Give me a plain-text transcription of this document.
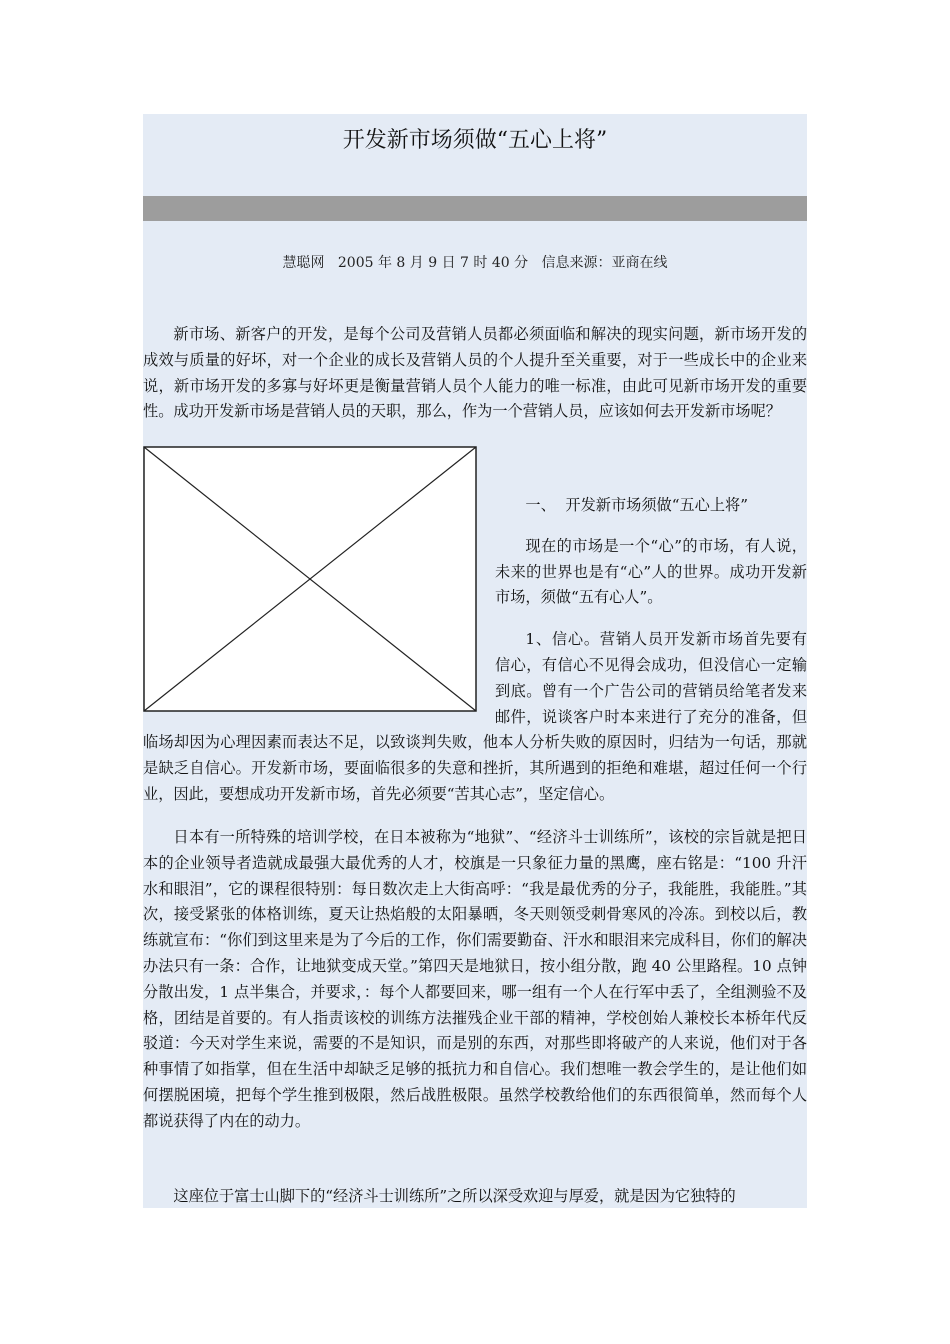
开发新市场须做“五心上将”
慧聪网   2005 年 8 月 9 日 7 时 40 分   信息来源：亚商在线

新市场、新客户的开发，是每个公司及营销人员都必须面临和解决的现实问题，新市场开发的成效与质量的好坏，对一个企业的成长及营销人员的个人提升至关重要，对于一些成长中的企业来说，新市场开发的多寡与好坏更是衡量营销人员个人能力的唯一标准，由此可见新市场开发的重要性。成功开发新市场是营销人员的天职，那么，作为一个营销人员，应该如何去开发新市场呢？

一、  开发新市场须做“五心上将”

现在的市场是一个“心”的市场，有人说，未来的世界也是有“心”人的世界。成功开发新市场，须做“五有心人”。

1、信心。营销人员开发新市场首先要有信心，有信心不见得会成功，但没信心一定输到底。曾有一个广告公司的营销员给笔者发来邮件，说谈客户时本来进行了充分的准备，但临场却因为心理因素而表达不足，以致谈判失败，他本人分析失败的原因时，归结为一句话，那就是缺乏自信心。开发新市场，要面临很多的失意和挫折，其所遇到的拒绝和难堪，超过任何一个行业，因此，要想成功开发新市场，首先必须要“苦其心志”，坚定信心。

日本有一所特殊的培训学校，在日本被称为“地狱”、“经济斗士训练所”，该校的宗旨就是把日本的企业领导者造就成最强大最优秀的人才，校旗是一只象征力量的黑鹰，座右铭是：“100 升汗水和眼泪”，它的课程很特别：每日数次走上大街高呼：“我是最优秀的分子，我能胜，我能胜。”其次，接受紧张的体格训练，夏天让热焰般的太阳暴晒，冬天则领受刺骨寒风的冷冻。到校以后，教练就宣布：“你们到这里来是为了今后的工作，你们需要勤奋、汗水和眼泪来完成科目，你们的解决办法只有一条：合作，让地狱变成天堂。”第四天是地狱日，按小组分散，跑 40 公里路程。10 点钟分散出发，1 点半集合，并要求，：每个人都要回来，哪一组有一个人在行军中丢了，全组测验不及格，团结是首要的。有人指责该校的训练方法摧残企业干部的精神，学校创始人兼校长本桥年代反驳道：今天对学生来说，需要的不是知识，而是别的东西，对那些即将破产的人来说，他们对于各种事情了如指掌，但在生活中却缺乏足够的抵抗力和自信心。我们想唯一教会学生的，是让他们如何摆脱困境，把每个学生推到极限，然后战胜极限。虽然学校教给他们的东西很简单，然而每个人都说获得了内在的动力。

这座位于富士山脚下的“经济斗士训练所”之所以深受欢迎与厚爱，就是因为它独特的
